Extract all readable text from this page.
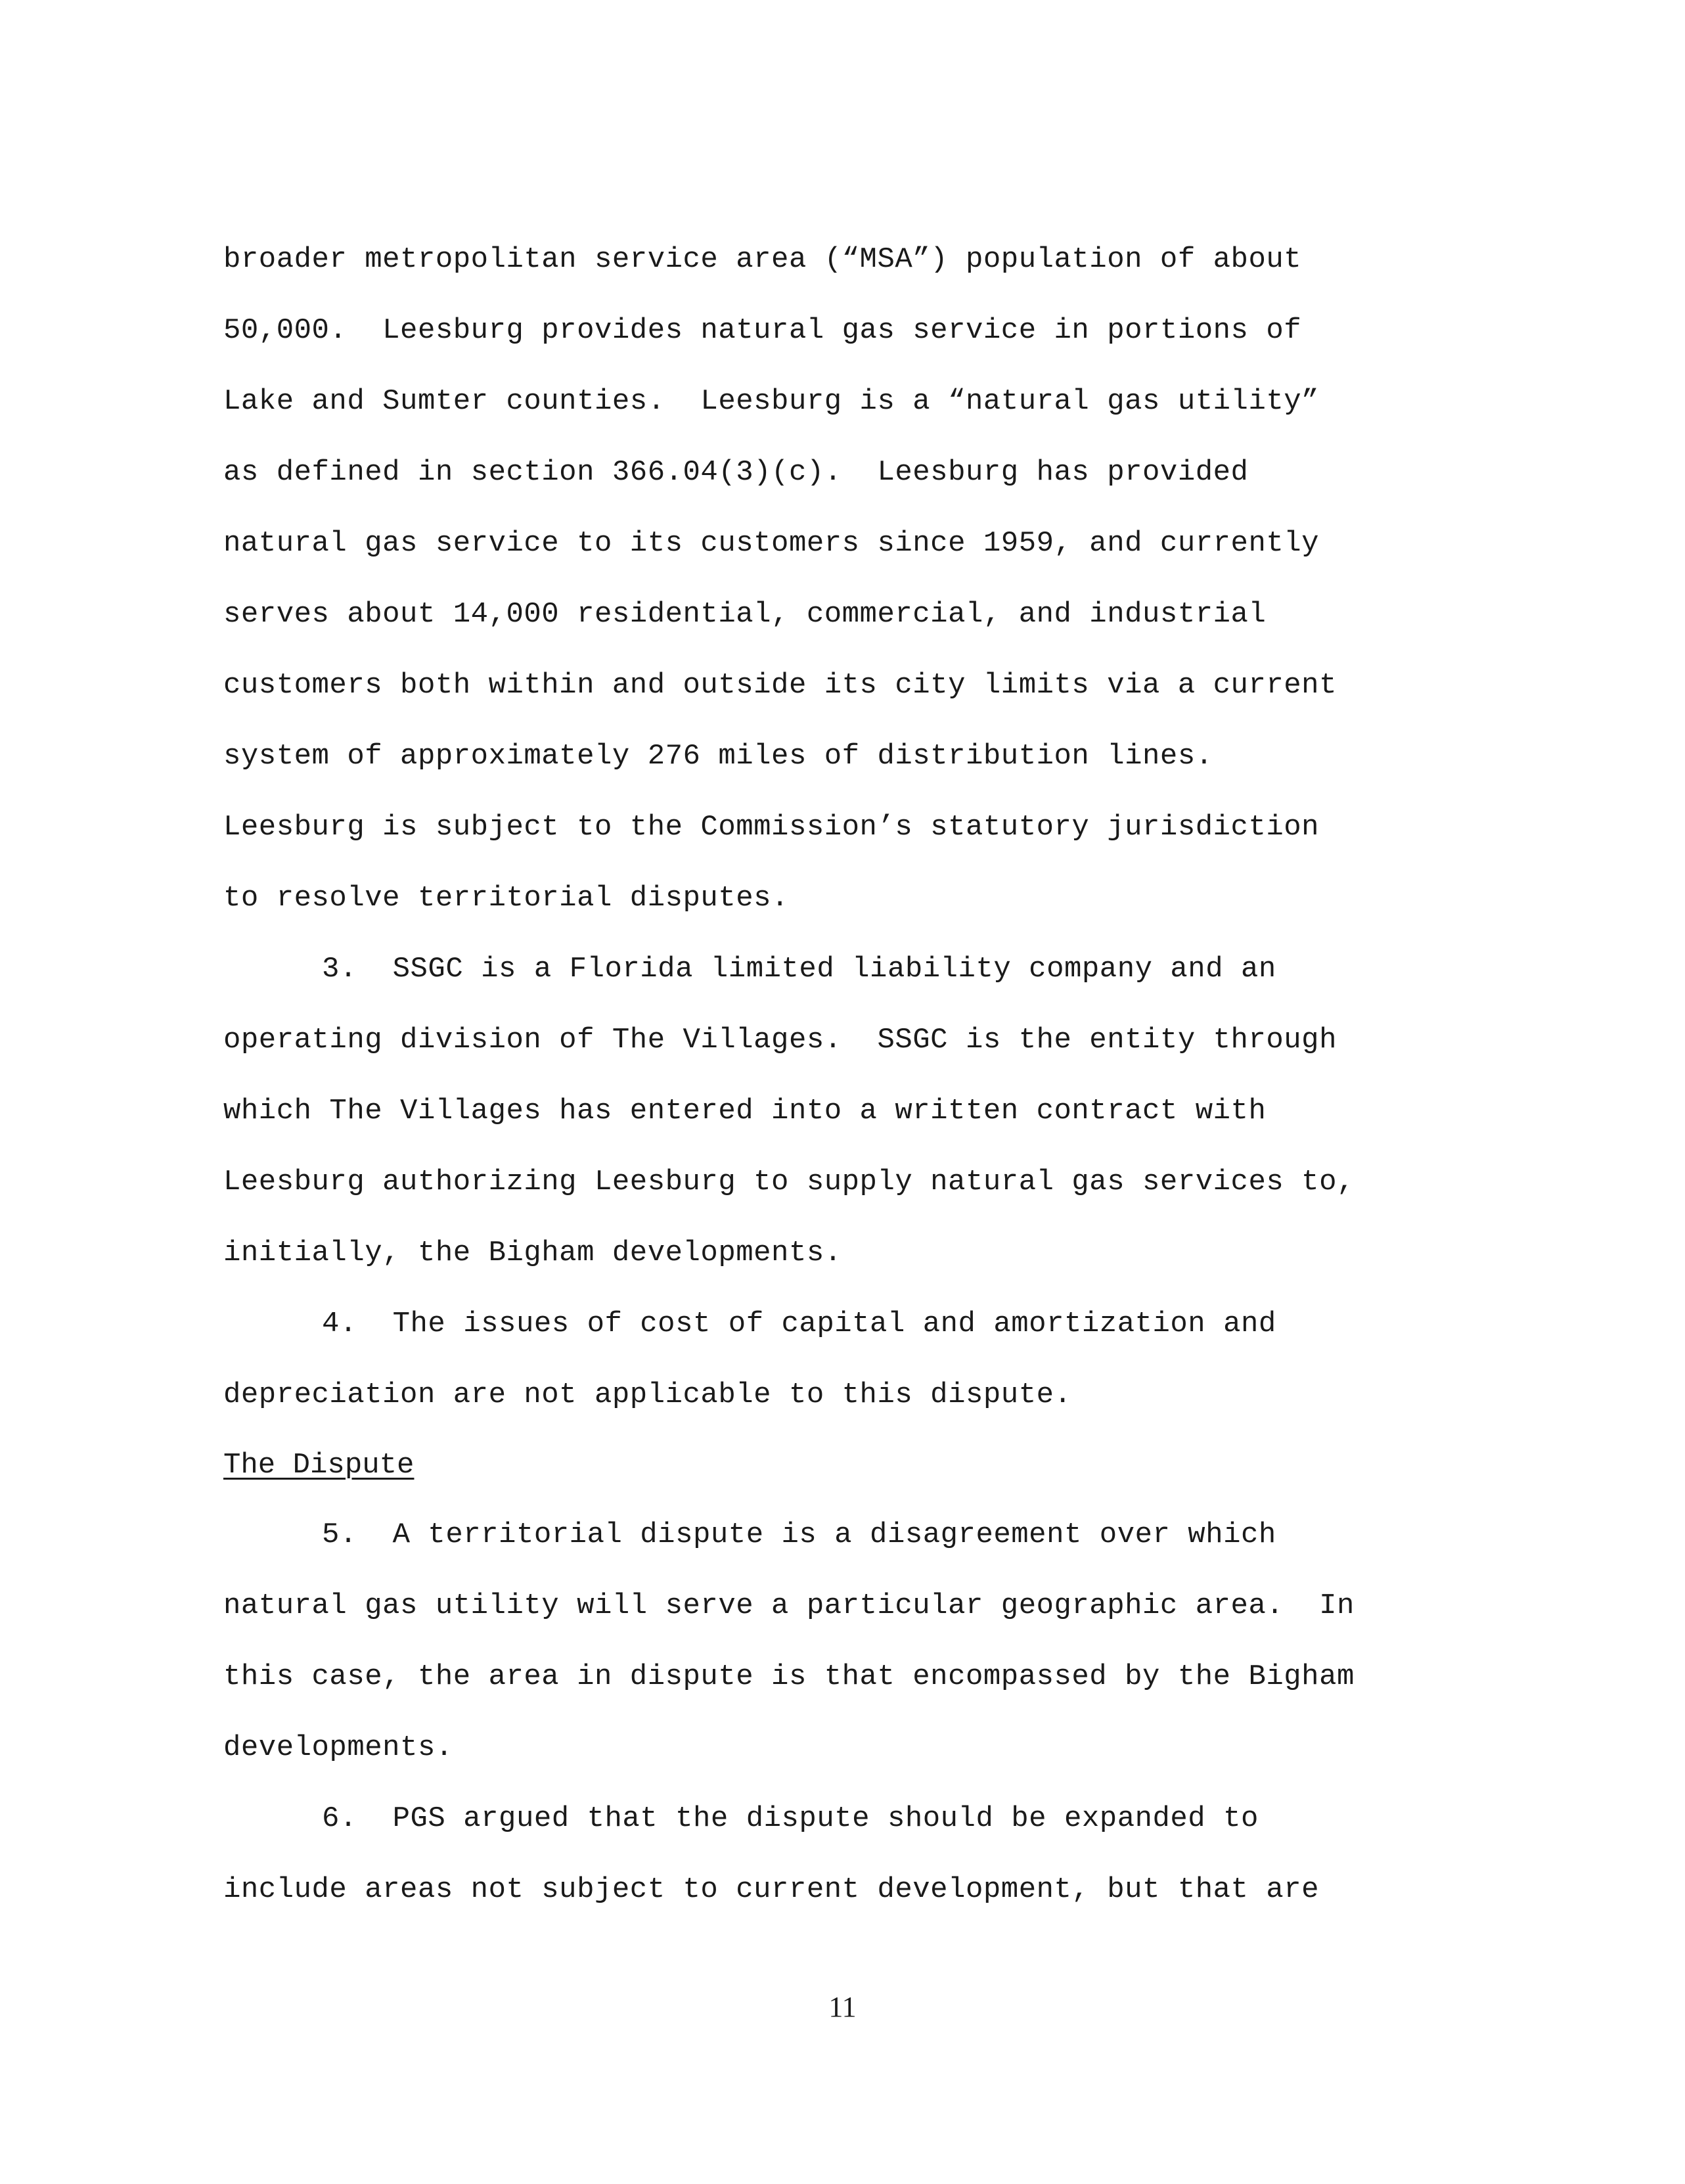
broader metropolitan service area (“MSA”) population of about
50,000.  Leesburg provides natural gas service in portions of
Lake and Sumter counties.  Leesburg is a “natural gas utility”
as defined in section 366.04(3)(c).  Leesburg has provided
natural gas service to its customers since 1959, and currently
serves about 14,000 residential, commercial, and industrial
customers both within and outside its city limits via a current
system of approximately 276 miles of distribution lines.
Leesburg is subject to the Commission’s statutory jurisdiction
to resolve territorial disputes.
3.  SSGC is a Florida limited liability company and an
operating division of The Villages.  SSGC is the entity through
which The Villages has entered into a written contract with
Leesburg authorizing Leesburg to supply natural gas services to,
initially, the Bigham developments.
4.  The issues of cost of capital and amortization and
depreciation are not applicable to this dispute.
The Dispute
5.  A territorial dispute is a disagreement over which
natural gas utility will serve a particular geographic area.  In
this case, the area in dispute is that encompassed by the Bigham
developments.
6.  PGS argued that the dispute should be expanded to
include areas not subject to current development, but that are
11
